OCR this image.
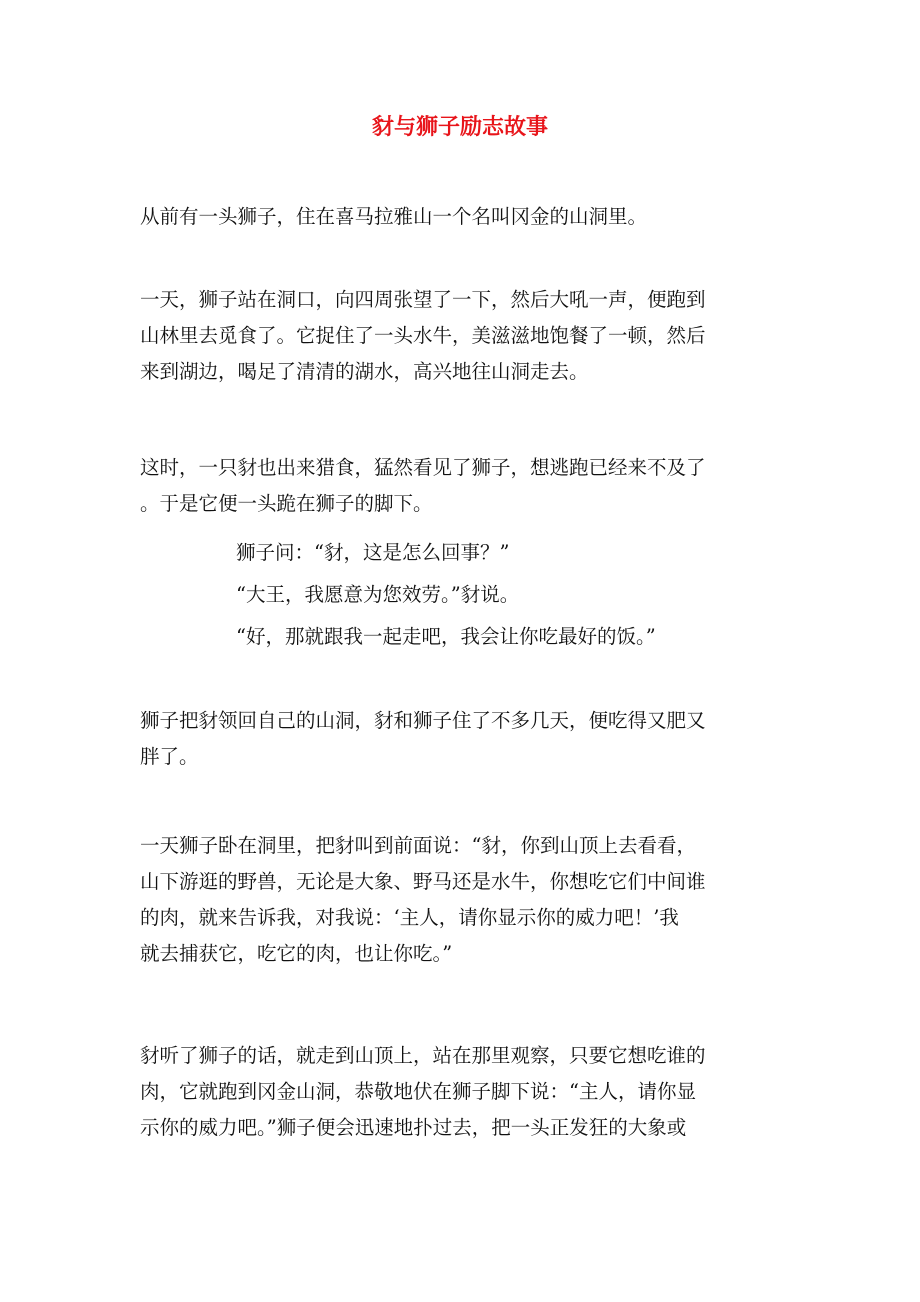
豺与狮子励志故事

从前有一头狮子，住在喜马拉雅山一个名叫冈金的山洞里。

一天，狮子站在洞口，向四周张望了一下，然后大吼一声，便跑到
山林里去觅食了。它捉住了一头水牛，美滋滋地饱餐了一顿，然后
来到湖边，喝足了清清的湖水，高兴地往山洞走去。

这时，一只豺也出来猎食，猛然看见了狮子，想逃跑已经来不及了
。于是它便一头跪在狮子的脚下。

狮子问：“豺，这是怎么回事？”

“大王，我愿意为您效劳。”豺说。

“好，那就跟我一起走吧，我会让你吃最好的饭。”

狮子把豺领回自己的山洞，豺和狮子住了不多几天，便吃得又肥又
胖了。

一天狮子卧在洞里，把豺叫到前面说：“豺，你到山顶上去看看，
山下游逛的野兽，无论是大象、野马还是水牛，你想吃它们中间谁
的肉，就来告诉我，对我说：‘主人，请你显示你的威力吧！’我
就去捕获它，吃它的肉，也让你吃。”

豺听了狮子的话，就走到山顶上，站在那里观察，只要它想吃谁的
肉，它就跑到冈金山洞，恭敬地伏在狮子脚下说：“主人，请你显
示你的威力吧。”狮子便会迅速地扑过去，把一头正发狂的大象或
